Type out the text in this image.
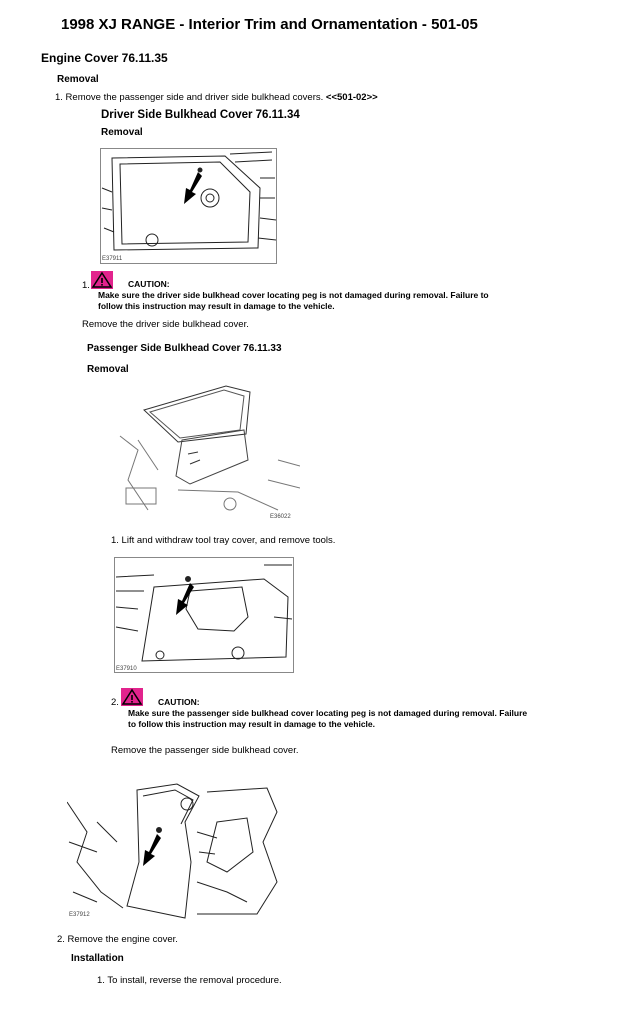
1998 XJ RANGE - Interior Trim and Ornamentation - 501-05
Engine Cover 76.11.35
Removal
1. Remove the passenger side and driver side bulkhead covers. <<501-02>>
Driver Side Bulkhead Cover 76.11.34
Removal
E37911
1.	CAUTION:
Make sure the driver side bulkhead cover locating peg is not damaged during removal. Failure to
follow this instruction may result in damage to the vehicle.
Remove the driver side bulkhead cover.
Passenger Side Bulkhead Cover 76.11.33
Removal
E36022
1. Lift and withdraw tool tray cover, and remove tools.
E37910
2.	CAUTION:
Make sure the passenger side bulkhead cover locating peg is not damaged during removal. Failure
to follow this instruction may result in damage to the vehicle.
Remove the passenger side bulkhead cover.
E37912
2. Remove the engine cover.
Installation
1. To install, reverse the removal procedure.
